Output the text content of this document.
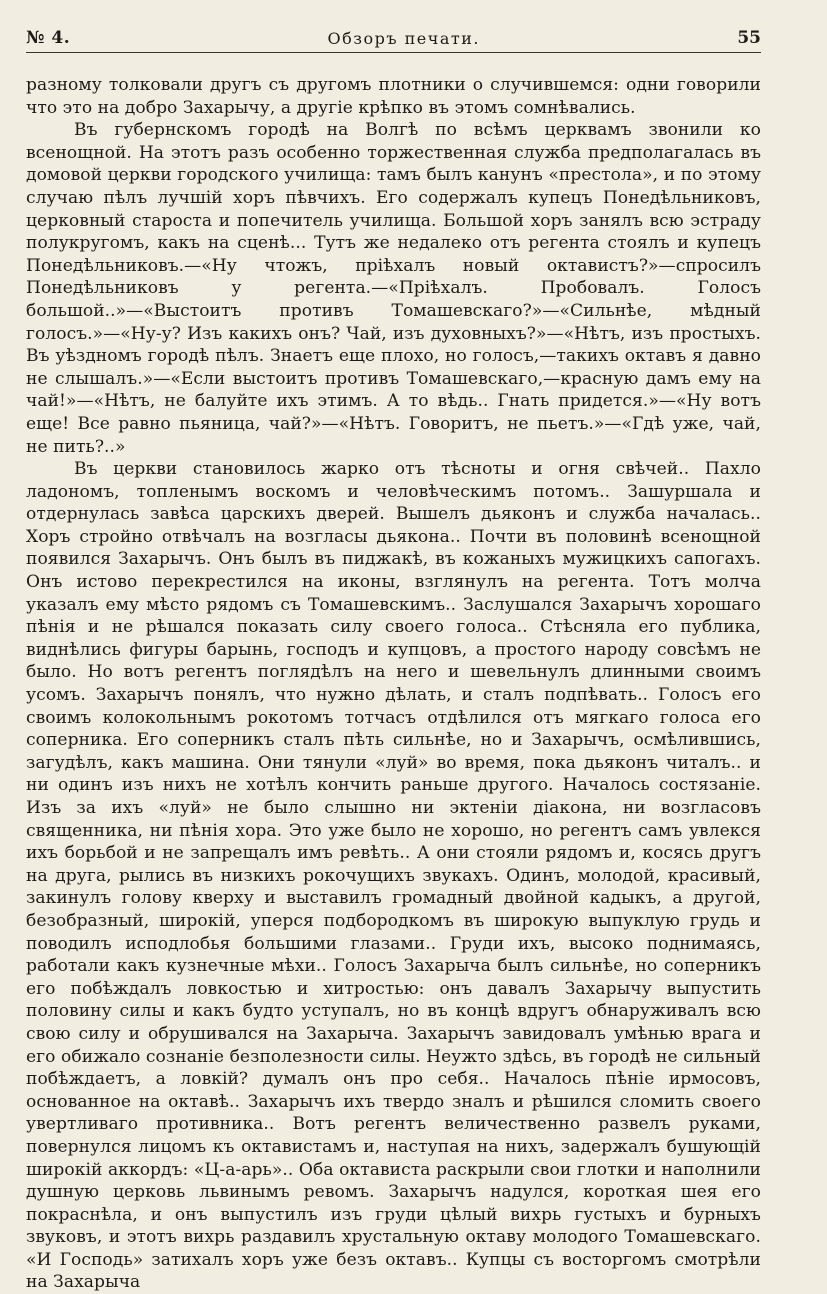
№ 4.	Обзоръ печати.	55

разному толковали другъ съ другомъ плотники о случившемся: одни говорили что это на добро Захарычу, а другіе крѣпко въ этомъ сомнѣвались.

Въ губернскомъ городѣ на Волгѣ по всѣмъ церквамъ звонили ко всенощной. На этотъ разъ особенно торжественная служба предполагалась въ домовой церкви городского училища: тамъ былъ канунъ «престола», и по этому случаю пѣлъ лучшій хоръ пѣвчихъ. Его содержалъ купецъ Понедѣльниковъ, церковный староста и попечитель училища. Большой хоръ занялъ всю эстраду полукругомъ, какъ на сценѣ... Тутъ же недалеко отъ регента стоялъ и купецъ Понедѣльниковъ.—«Ну чтожъ, пріѣхалъ новый октавистъ?»—спросилъ Понедѣльниковъ у регента.—«Пріѣхалъ. Пробовалъ. Голосъ большой..»—«Выстоитъ противъ Томашевскаго?»—«Сильнѣе, мѣдный голосъ.»—«Ну-у? Изъ какихъ онъ? Чай, изъ духовныхъ?»—«Нѣтъ, изъ простыхъ. Въ уѣздномъ городѣ пѣлъ. Знаетъ еще плохо, но голосъ,—такихъ октавъ я давно не слышалъ.»—«Если выстоитъ противъ Томашевскаго,—красную дамъ ему на чай!»—«Нѣтъ, не балуйте ихъ этимъ. А то вѣдь.. Гнать придется.»—«Ну вотъ еще! Все равно пьяница, чай?»—«Нѣтъ. Говоритъ, не пьетъ.»—«Гдѣ уже, чай, не пить?..»

Въ церкви становилось жарко отъ тѣсноты и огня свѣчей.. Пахло ладономъ, топленымъ воскомъ и человѣческимъ потомъ.. Зашуршала и отдернулась завѣса царскихъ дверей. Вышелъ дьяконъ и служба началась.. Хоръ стройно отвѣчалъ на возгласы дьякона.. Почти въ половинѣ всенощной появился Захарычъ. Онъ былъ въ пиджакѣ, въ кожаныхъ мужицкихъ сапогахъ. Онъ истово перекрестился на иконы, взглянулъ на регента. Тотъ молча указалъ ему мѣсто рядомъ съ Томашевскимъ.. Заслушался Захарычъ хорошаго пѣнія и не рѣшался показать силу своего голоса.. Стѣсняла его публика, виднѣлись фигуры барынь, господъ и купцовъ, а простого народу совсѣмъ не было. Но вотъ регентъ поглядѣлъ на него и шевельнулъ длинными своимъ усомъ. Захарычъ понялъ, что нужно дѣлать, и сталъ подпѣвать.. Голосъ его своимъ колокольнымъ рокотомъ тотчасъ отдѣлился отъ мягкаго голоса его соперника. Его соперникъ сталъ пѣть сильнѣе, но и Захарычъ, осмѣлившись, загудѣлъ, какъ машина. Они тянули «луй» во время, пока дьяконъ читалъ.. и ни одинъ изъ нихъ не хотѣлъ кончить раньше другого. Началось состязаніе. Изъ за ихъ «луй» не было слышно ни эктеніи діакона, ни возгласовъ священника, ни пѣнія хора. Это уже было не хорошо, но регентъ самъ увлекся ихъ борьбой и не запрещалъ имъ ревѣть.. А они стояли рядомъ и, косясь другъ на друга, рылись въ низкихъ рокочущихъ звукахъ. Одинъ, молодой, красивый, закинулъ голову кверху и выставилъ громадный двойной кадыкъ, а другой, безобразный, широкій, уперся подбородкомъ въ широкую выпуклую грудь и поводилъ исподлобья большими глазами.. Груди ихъ, высоко поднимаясь, работали какъ кузнечные мѣхи.. Голосъ Захарыча былъ сильнѣе, но соперникъ его побѣждалъ ловкостью и хитростью: онъ давалъ Захарычу выпустить половину силы и какъ будто уступалъ, но въ концѣ вдругъ обнаруживалъ всю свою силу и обрушивался на Захарыча. Захарычъ завидовалъ умѣнью врага и его обижало сознаніе безполезности силы. Неужто здѣсь, въ городѣ не сильный побѣждаетъ, а ловкій? думалъ онъ про себя.. Началось пѣніе ирмосовъ, основанное на октавѣ.. Захарычъ ихъ твердо зналъ и рѣшился сломить своего увертливаго противника.. Вотъ регентъ величественно развелъ руками, повернулся лицомъ къ октавистамъ и, наступая на нихъ, задержалъ бушующій широкій аккордъ: «Ц-а-арь».. Оба октависта раскрыли свои глотки и наполнили душную церковь львинымъ ревомъ. Захарычъ надулся, короткая шея его покраснѣла, и онъ выпустилъ изъ груди цѣлый вихрь густыхъ и бурныхъ звуковъ, и этотъ вихрь раздавилъ хрустальную октаву молодого Томашевскаго. «И Господь» затихалъ хоръ уже безъ октавъ.. Купцы съ восторгомъ смотрѣли на Захарыча
